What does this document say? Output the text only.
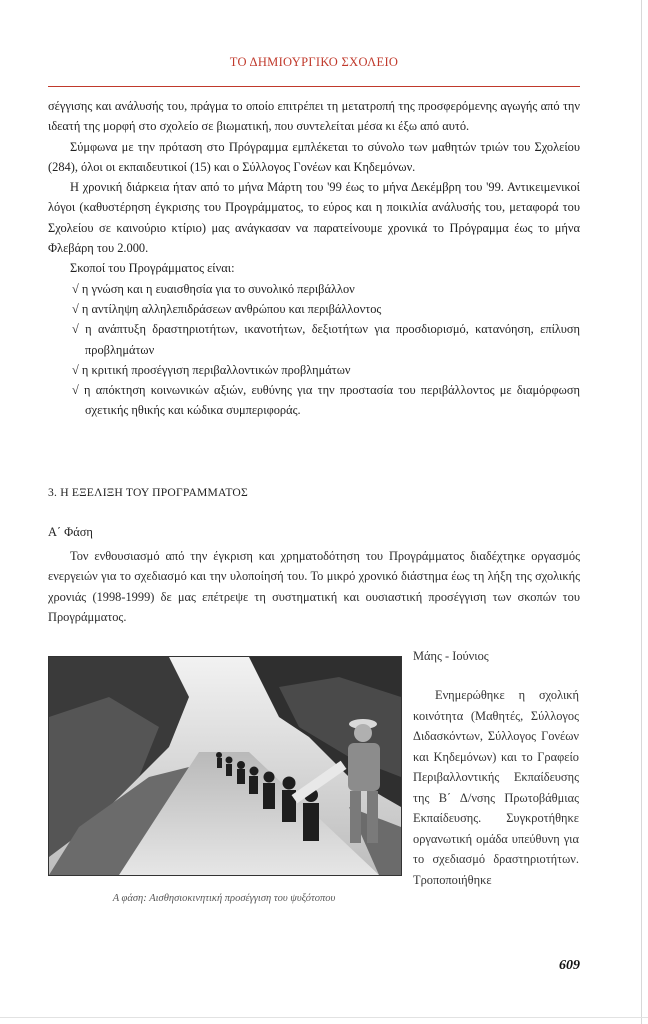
ΤΟ ΔΗΜΙΟΥΡΓΙΚΟ ΣΧΟΛΕΙΟ

σέγγισης και ανάλυσής του, πράγμα το οποίο επιτρέπει τη μετατροπή της προσφερόμενης αγωγής από την ιδεατή της μορφή στο σχολείο σε βιωματική, που συντελείται μέσα κι έξω από αυτό.

Σύμφωνα με την πρόταση στο Πρόγραμμα εμπλέκεται το σύνολο των μαθητών τριών του Σχολείου (284), όλοι οι εκπαιδευτικοί (15) και ο Σύλλογος Γονέων και Κηδεμόνων.

Η χρονική διάρκεια ήταν από το μήνα Μάρτη του '99 έως το μήνα Δεκέμβρη του '99. Αντικειμενικοί λόγοι (καθυστέρηση έγκρισης του Προγράμματος, το εύρος και η ποικιλία ανάλυσής του, μεταφορά του Σχολείου σε καινούριο κτίριο) μας ανάγκασαν να παρατείνουμε χρονικά το Πρόγραμμα έως το μήνα Φλεβάρη του 2.000.

Σκοποί του Προγράμματος είναι:

√ η γνώση και η ευαισθησία για το συνολικό περιβάλλον
√ η αντίληψη αλληλεπιδράσεων ανθρώπου και περιβάλλοντος
√ η ανάπτυξη δραστηριοτήτων, ικανοτήτων, δεξιοτήτων για προσδιορισμό, κατανόηση, επίλυση προβλημάτων
√ η κριτική προσέγγιση περιβαλλοντικών προβλημάτων
√ η απόκτηση κοινωνικών αξιών, ευθύνης για την προστασία του περιβάλλοντος με διαμόρφωση σχετικής ηθικής και κώδικα συμπεριφοράς.
3. Η ΕΞΕΛΙΞΗ ΤΟΥ ΠΡΟΓΡΑΜΜΑΤΟΣ
Α΄ Φάση

Τον ενθουσιασμό από την έγκριση και χρηματοδότηση του Προγράμματος διαδέχτηκε οργασμός ενεργειών για το σχεδιασμό και την υλοποίησή του. Το μικρό χρονικό διάστημα έως τη λήξη της σχολικής χρονιάς (1998-1999) δε μας επέτρεψε τη συστηματική και ουσιαστική προσέγγιση των σκοπών του Προγράμματος.

Α φάση: Αισθησιοκινητική προσέγγιση του ψυξότοπου
Μάης - Ιούνιος

Ενημερώθηκε η σχολική κοινότητα (Μαθητές, Σύλλογος Διδασκόντων, Σύλλογος Γονέων και Κηδεμόνων) και το Γραφείο Περιβαλλοντικής Εκπαίδευσης της Β΄ Δ/νσης Πρωτοβάθμιας Εκπαίδευσης. Συγκροτήθηκε οργανωτική ομάδα υπεύθυνη για το σχεδιασμό δραστηριοτήτων. Τροποποιήθηκε

609
